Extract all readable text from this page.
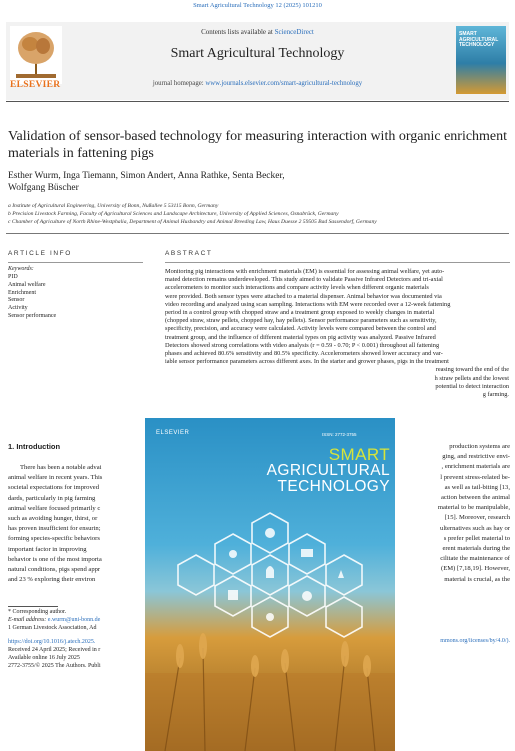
Smart Agricultural Technology 12 (2025) 101210
ELSEVIER
Contents lists available at ScienceDirect
Smart Agricultural Technology
journal homepage: www.journals.elsevier.com/smart-agricultural-technology
SMART AGRICULTURAL TECHNOLOGY
Validation of sensor-based technology for measuring interaction with organic enrichment materials in fattening pigs
Esther Wurm, Inga Tiemann, Simon Andert, Anna Rathke, Senta Becker,
Wolfgang Büscher
a Institute of Agricultural Engineering, University of Bonn, Nußallee 5 53115 Bonn, Germany
b Precision Livestock Farming, Faculty of Agricultural Sciences and Landscape Architecture, University of Applied Sciences, Osnabrück, Germany
c Chamber of Agriculture of North Rhine-Westphalia, Department of Animal Husbandry and Animal Breeding Law, Haus Duesse 2 59505 Bad Sassendorf, Germany
ARTICLE INFO
Keywords:
PID
Animal welfare
Enrichment
Sensor
Activity
Sensor performance
ABSTRACT
Monitoring pig interactions with enrichment materials (EM) is essential for assessing animal welfare, yet auto-
mated detection remains underdeveloped. This study aimed to validate Passive Infrared Detectors and tri-axial
accelerometers to monitor such interactions and compare activity levels when different organic materials
were provided. Both sensor types were attached to a material dispenser. Animal behavior was documented via
video recording and analyzed using scan sampling. Interactions with EM were recorded over a 12-week fattening
period in a control group with chopped straw and a treatment group exposed to weekly changes in material
(chopped straw, straw pellets, chopped hay, hay pellets). Sensor performance parameters such as sensitivity,
specificity, precision, and accuracy were calculated. Activity levels were compared between the control and
treatment group, and the influence of different material types on pig activity was analyzed. Passive Infrared
Detectors showed strong correlations with video analysis (r = 0.59 - 0.70; P < 0.001) throughout all fattening
phases and achieved 80.6% sensitivity and 80.5% specificity. Accelerometers showed lower accuracy and var-
iable sensor performance parameters across different axes. In the starter and grower phases, pigs in the treatment
reasing toward the end of the
h straw pellets and the lowest
potential to detect interaction
g farming.
1. Introduction
There has been a notable advai
animal welfare in recent years. This
societal expectations for improved
dards, particularly in pig farming
animal welfare focused primarily c
such as avoiding hunger, thirst, or
has proven insufficient for ensurin;
forming species-specific behaviors
important factor in improving
behavior is one of the most importa
natural conditions, pigs spend appr
and 23 % exploring their environ
production systems are
ging, and restrictive envi-
, enrichment materials are
l prevent stress-related be-
as well as tail-biting [13,
action between the animal
material to be manipulable,
[15]. Moreover, research
ulternatives such as hay or
s prefer pellet material to
erent materials during the
cilitate the maintenance of
(EM) [7,18,19]. However,
material is crucial, as the
* Corresponding author.
E-mail address: e.wurm@uni-bonn.de
1 German Livestock Association, Ad
https://doi.org/10.1016/j.atech.2025.
Received 24 April 2025; Received in r
Available online 16 July 2025
2772-3755/© 2025 The Authors. Publi
mmons.org/licenses/by/4.0/).
ELSEVIER	ISSN: 2772-3755
SMART
AGRICULTURAL
TECHNOLOGY
